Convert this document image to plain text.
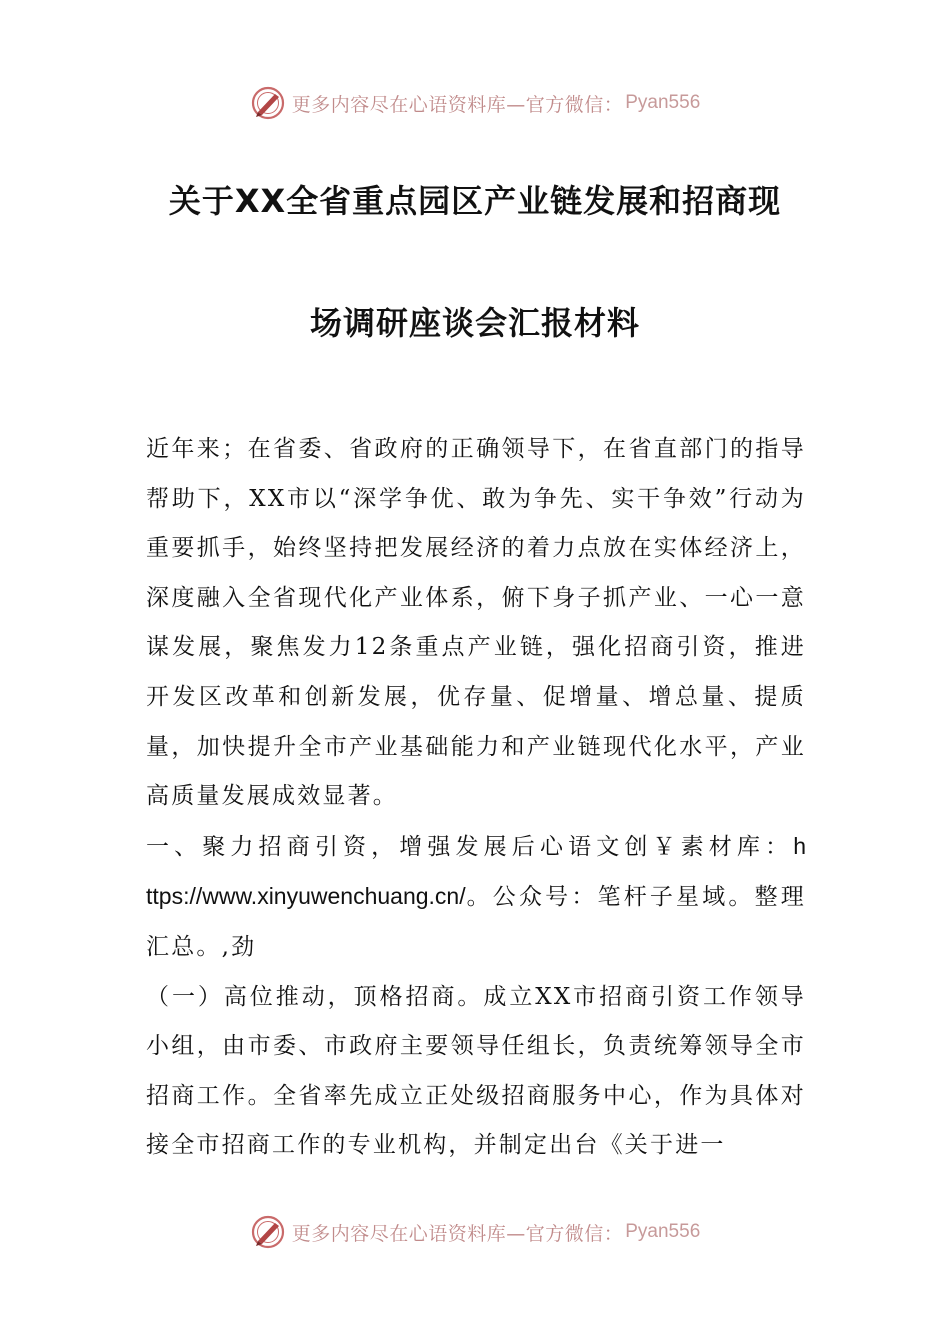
更多内容尽在心语资料库—官方微信： Pyan556
关于XX全省重点园区产业链发展和招商现
场调研座谈会汇报材料

近年来；在省委、省政府的正确领导下，在省直部门的指导帮助下，XX市以“深学争优、敢为争先、实干争效”行动为重要抓手，始终坚持把发展经济的着力点放在实体经济上，深度融入全省现代化产业体系，俯下身子抓产业、一心一意谋发展，聚焦发力12条重点产业链，强化招商引资，推进开发区改革和创新发展，优存量、促增量、增总量、提质量，加快提升全市产业基础能力和产业链现代化水平，产业高质量发展成效显著。

一、聚力招商引资，增强发展后心语文创￥素材库：https://www.xinyuwenchuang.cn/。公众号：笔杆子星域。整理汇总。,劲

（一）高位推动，顶格招商。成立XX市招商引资工作领导小组，由市委、市政府主要领导任组长，负责统筹领导全市招商工作。全省率先成立正处级招商服务中心，作为具体对接全市招商工作的专业机构，并制定出台《关于进一

更多内容尽在心语资料库—官方微信： Pyan556
